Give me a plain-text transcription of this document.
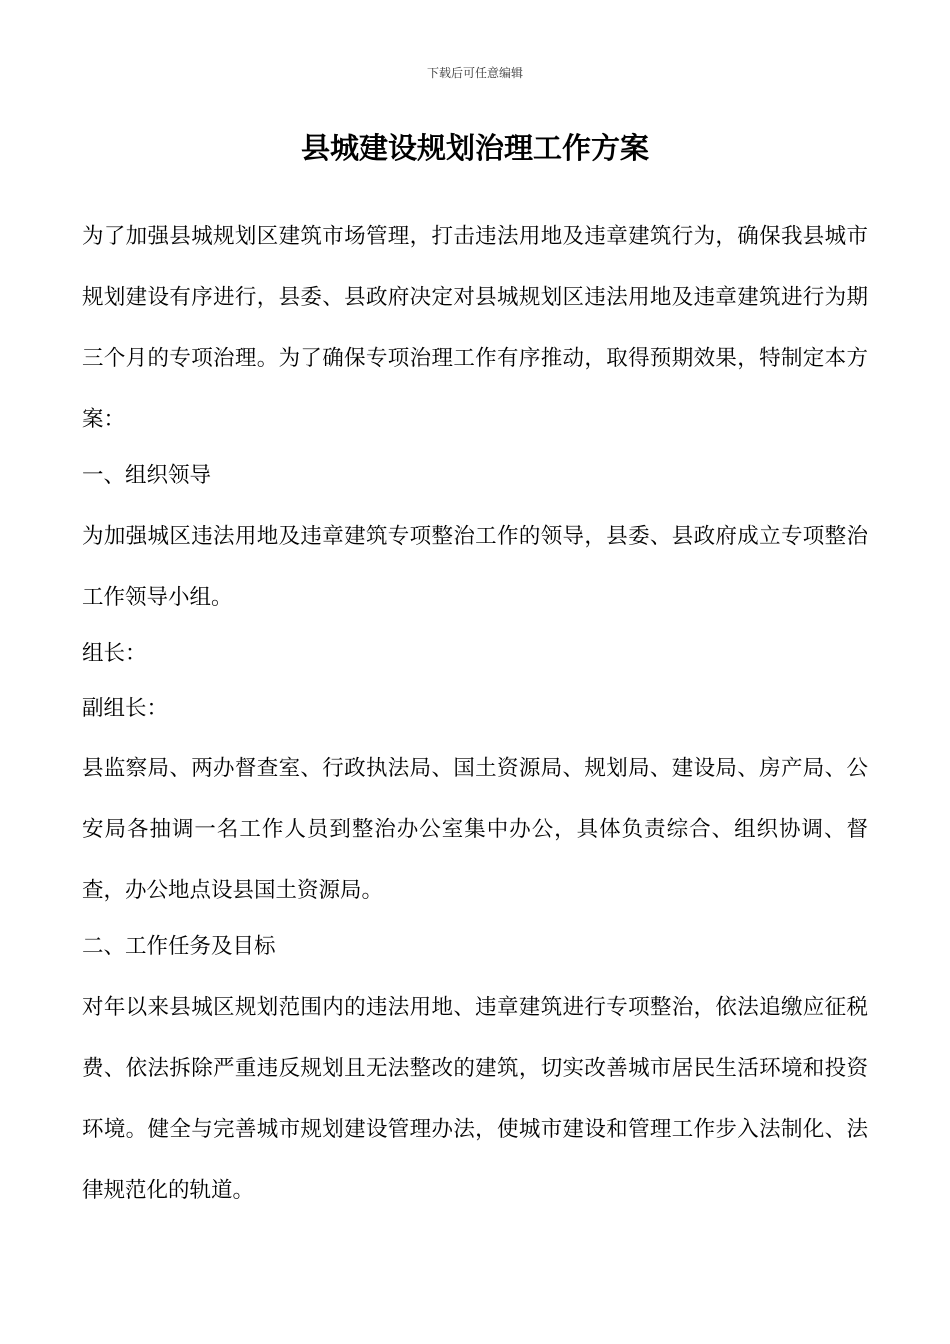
下载后可任意编辑
县城建设规划治理工作方案

为了加强县城规划区建筑市场管理，打击违法用地及违章建筑行为，确保我县城市规划建设有序进行，县委、县政府决定对县城规划区违法用地及违章建筑进行为期三个月的专项治理。为了确保专项治理工作有序推动，取得预期效果，特制定本方案：

一、组织领导

为加强城区违法用地及违章建筑专项整治工作的领导，县委、县政府成立专项整治工作领导小组。

组长：

副组长：

县监察局、两办督查室、行政执法局、国土资源局、规划局、建设局、房产局、公安局各抽调一名工作人员到整治办公室集中办公，具体负责综合、组织协调、督查，办公地点设县国土资源局。

二、工作任务及目标

对年以来县城区规划范围内的违法用地、违章建筑进行专项整治，依法追缴应征税费、依法拆除严重违反规划且无法整改的建筑，切实改善城市居民生活环境和投资环境。健全与完善城市规划建设管理办法，使城市建设和管理工作步入法制化、法律规范化的轨道。
